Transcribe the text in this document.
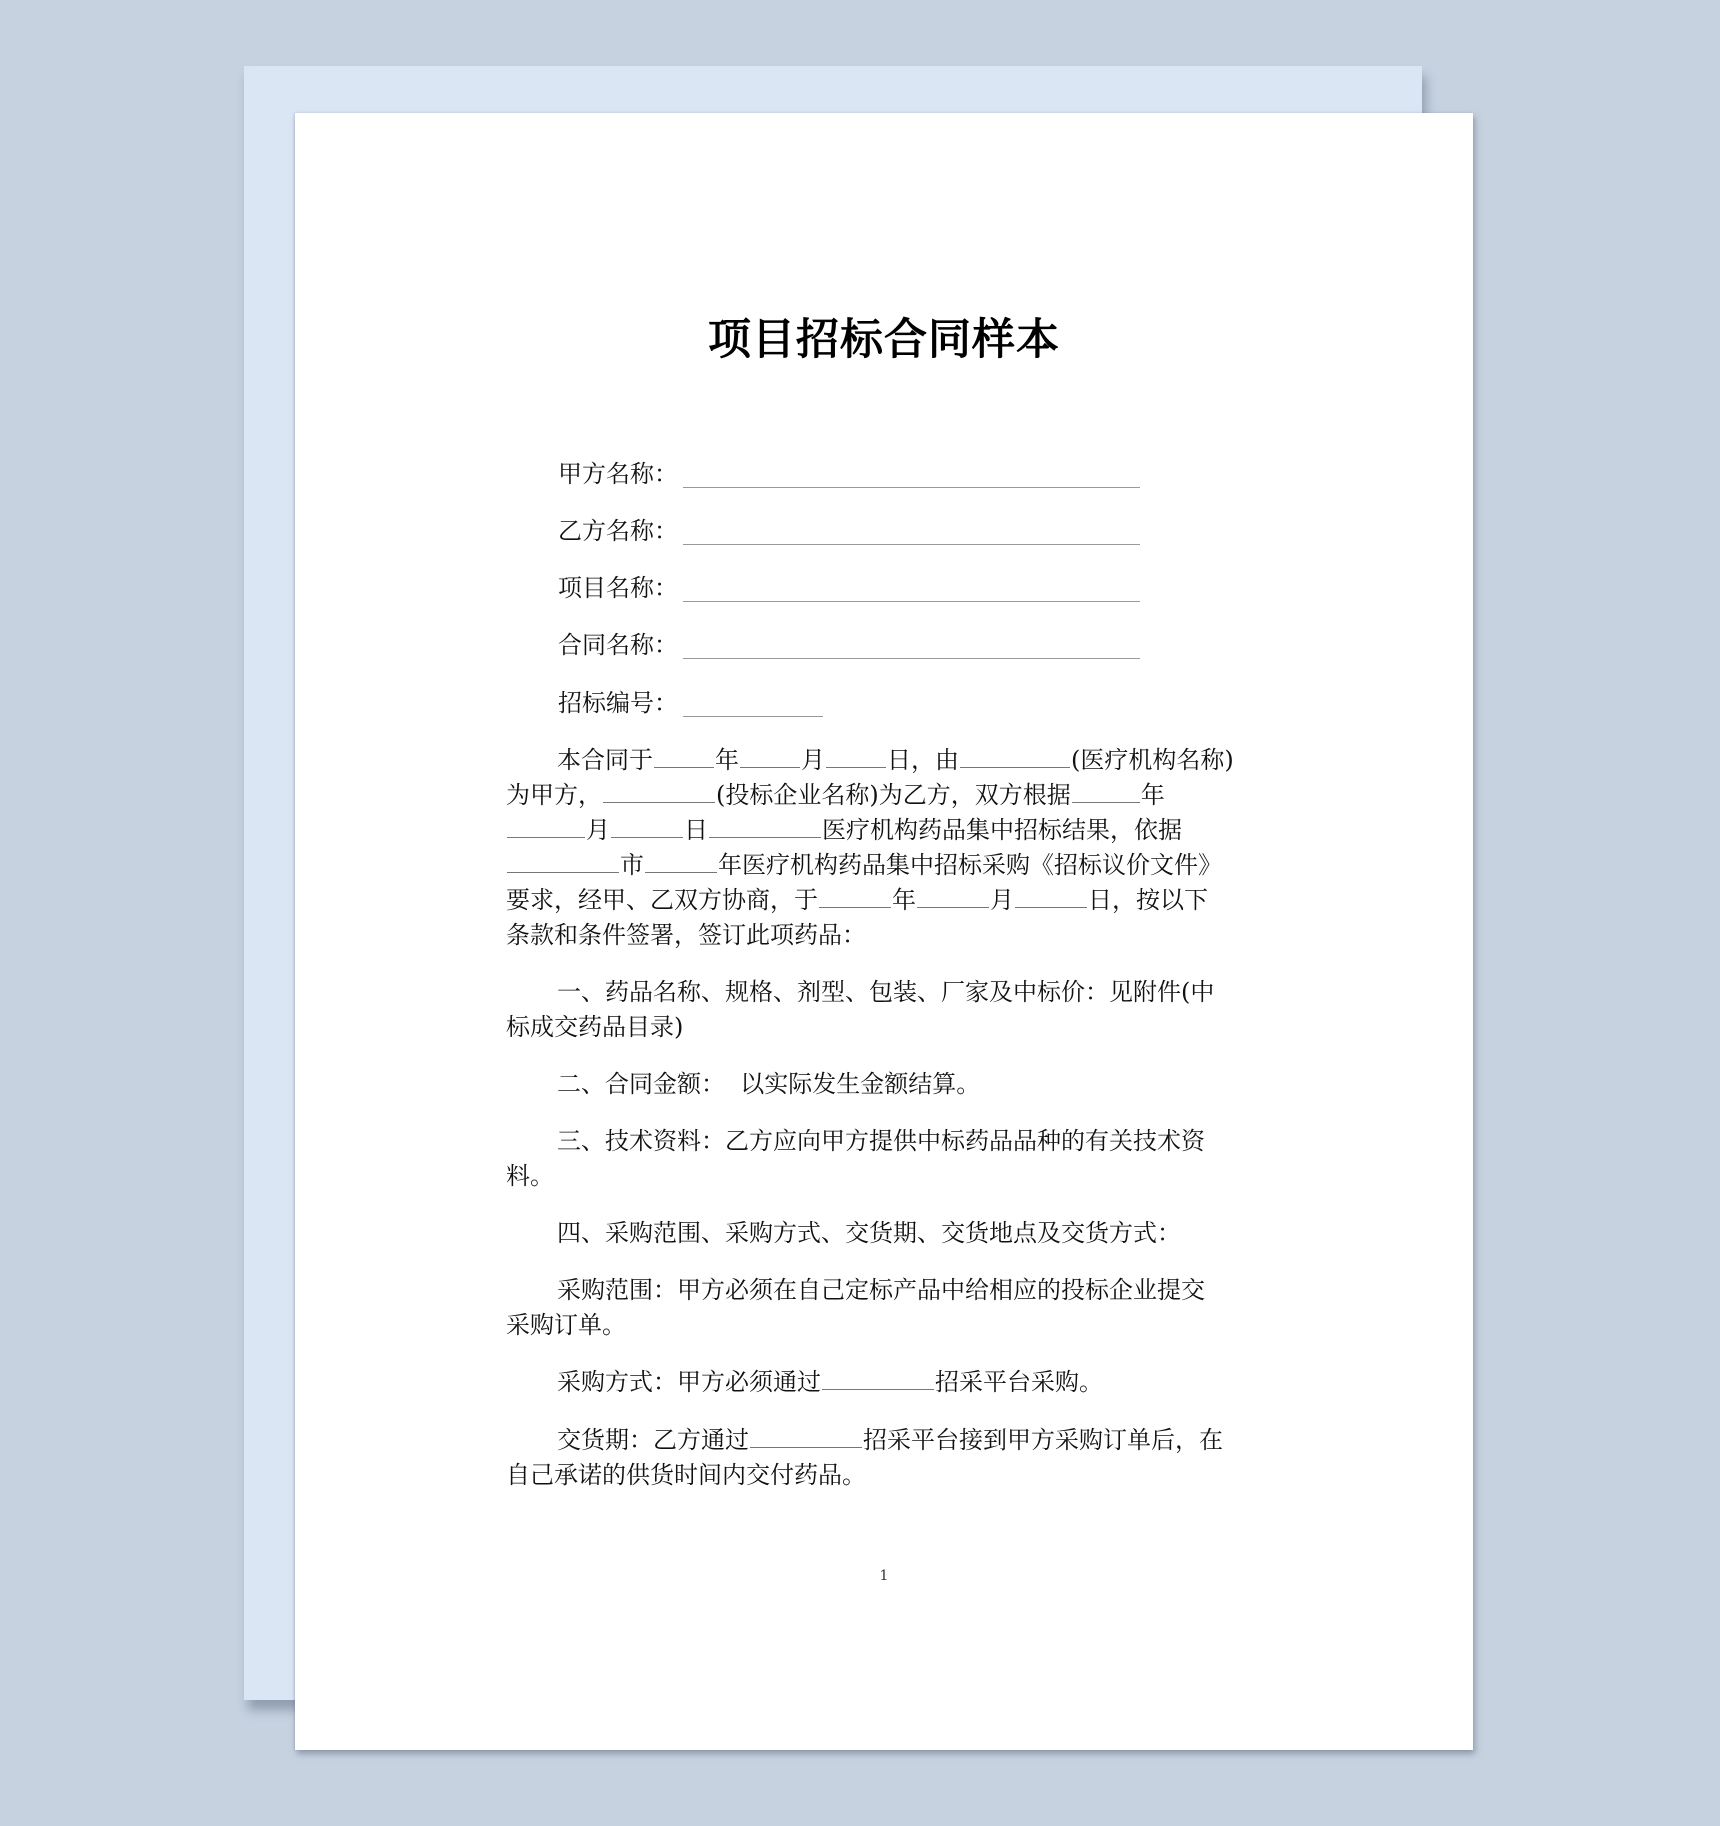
项目招标合同样本
甲方名称：
乙方名称：
项目名称：
合同名称：
招标编号：
本合同于	年	月	日，由	(医疗机构名称)
为甲方，	(投标企业名称)为乙方，双方根据	年
月	日	医疗机构药品集中招标结果，依据
市	年医疗机构药品集中招标采购《招标议价文件》
要求，经甲、乙双方协商，于	年	月	日，按以下
条款和条件签署，签订此项药品：
一、药品名称、规格、剂型、包装、厂家及中标价：见附件(中
标成交药品目录)
二、合同金额：  以实际发生金额结算。
三、技术资料：乙方应向甲方提供中标药品品种的有关技术资
料。
四、采购范围、采购方式、交货期、交货地点及交货方式：
采购范围：甲方必须在自己定标产品中给相应的投标企业提交
采购订单。
采购方式：甲方必须通过	招采平台采购。
交货期：乙方通过	招采平台接到甲方采购订单后，在
自己承诺的供货时间内交付药品。
1
